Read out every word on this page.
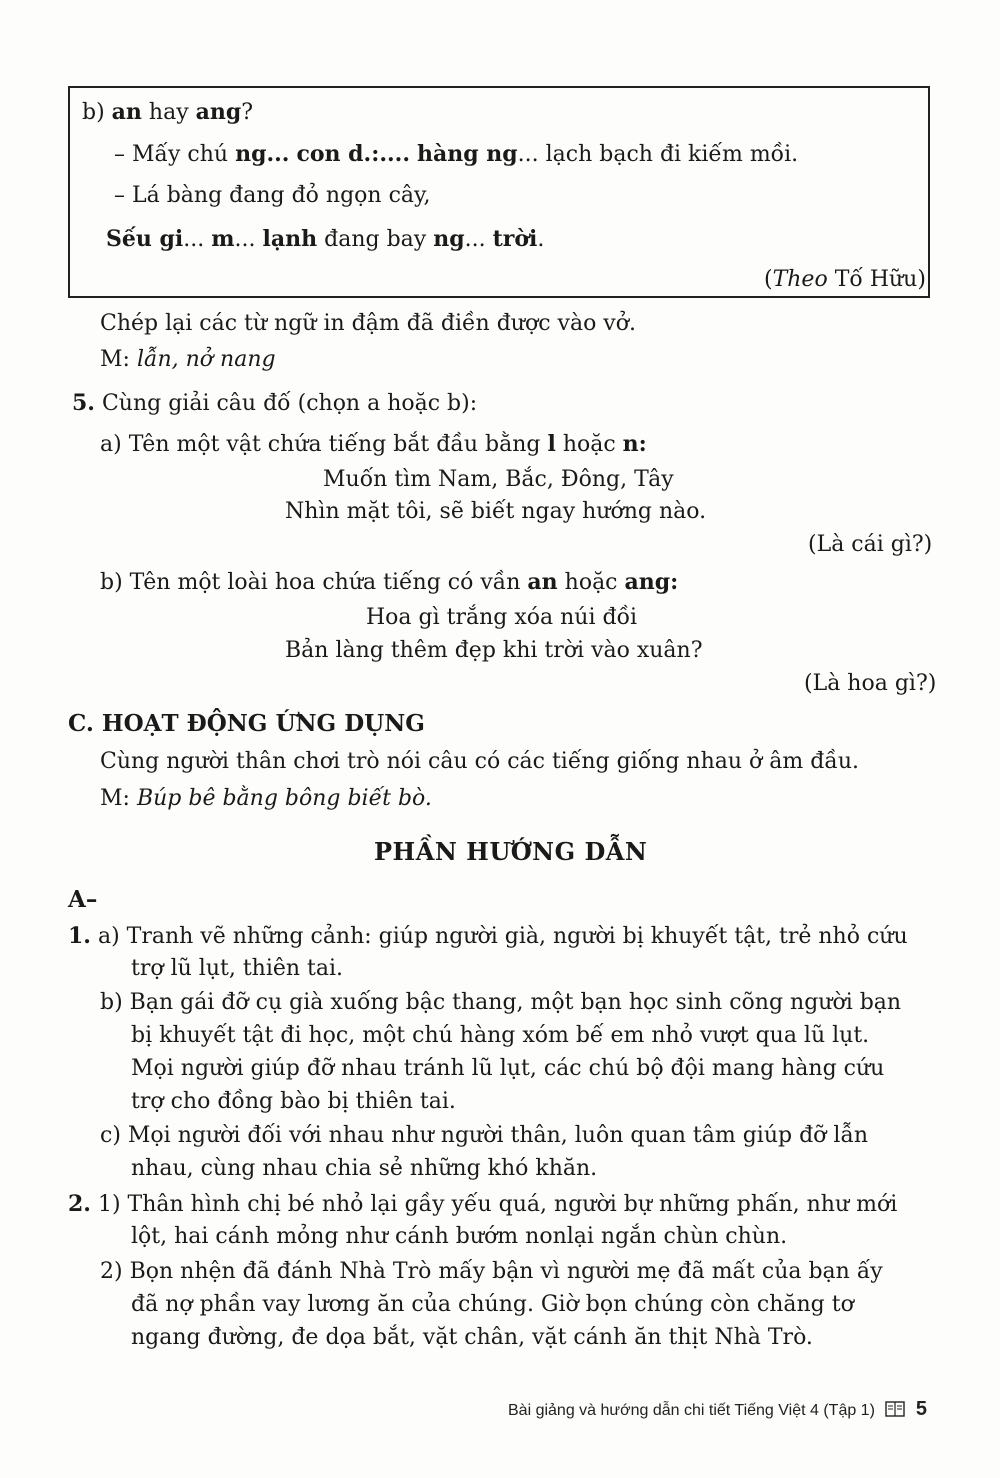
b) an hay ang?
– Mấy chú ng... con d.:.... hàng ng... lạch bạch đi kiếm mồi.
– Lá bàng đang đỏ ngọn cây,
Sếu gi... m... lạnh đang bay ng... trời.
(Theo Tố Hữu)
Chép lại các từ ngữ in đậm đã điền được vào vở.
M: lẫn, nở nang
5. Cùng giải câu đố (chọn a hoặc b):
a) Tên một vật chứa tiếng bắt đầu bằng l hoặc n:
Muốn tìm Nam, Bắc, Đông, Tây
Nhìn mặt tôi, sẽ biết ngay hướng nào.
(Là cái gì?)
b) Tên một loài hoa chứa tiếng có vần an hoặc ang:
Hoa gì trắng xóa núi đồi
Bản làng thêm đẹp khi trời vào xuân?
(Là hoa gì?)
C. HOẠT ĐỘNG ỨNG DỤNG
Cùng người thân chơi trò nói câu có các tiếng giống nhau ở âm đầu.
M: Búp bê bằng bông biết bò.
PHẦN HƯỚNG DẪN
A–
1. a) Tranh vẽ những cảnh: giúp người già, người bị khuyết tật, trẻ nhỏ cứu
trợ lũ lụt, thiên tai.
b) Bạn gái đỡ cụ già xuống bậc thang, một bạn học sinh cõng người bạn
bị khuyết tật đi học, một chú hàng xóm bế em nhỏ vượt qua lũ lụt.
Mọi người giúp đỡ nhau tránh lũ lụt, các chú bộ đội mang hàng cứu
trợ cho đồng bào bị thiên tai.
c) Mọi người đối với nhau như người thân, luôn quan tâm giúp đỡ lẫn
nhau, cùng nhau chia sẻ những khó khăn.
2. 1) Thân hình chị bé nhỏ lại gầy yếu quá, người bự những phấn, như mới
lột, hai cánh mỏng như cánh bướm nonlại ngắn chùn chùn.
2) Bọn nhện đã đánh Nhà Trò mấy bận vì người mẹ đã mất của bạn ấy
đã nợ phần vay lương ăn của chúng. Giờ bọn chúng còn chăng tơ
ngang đường, đe dọa bắt, vặt chân, vặt cánh ăn thịt Nhà Trò.
Bài giảng và hướng dẫn chi tiết Tiếng Việt 4 (Tập 1) 5
